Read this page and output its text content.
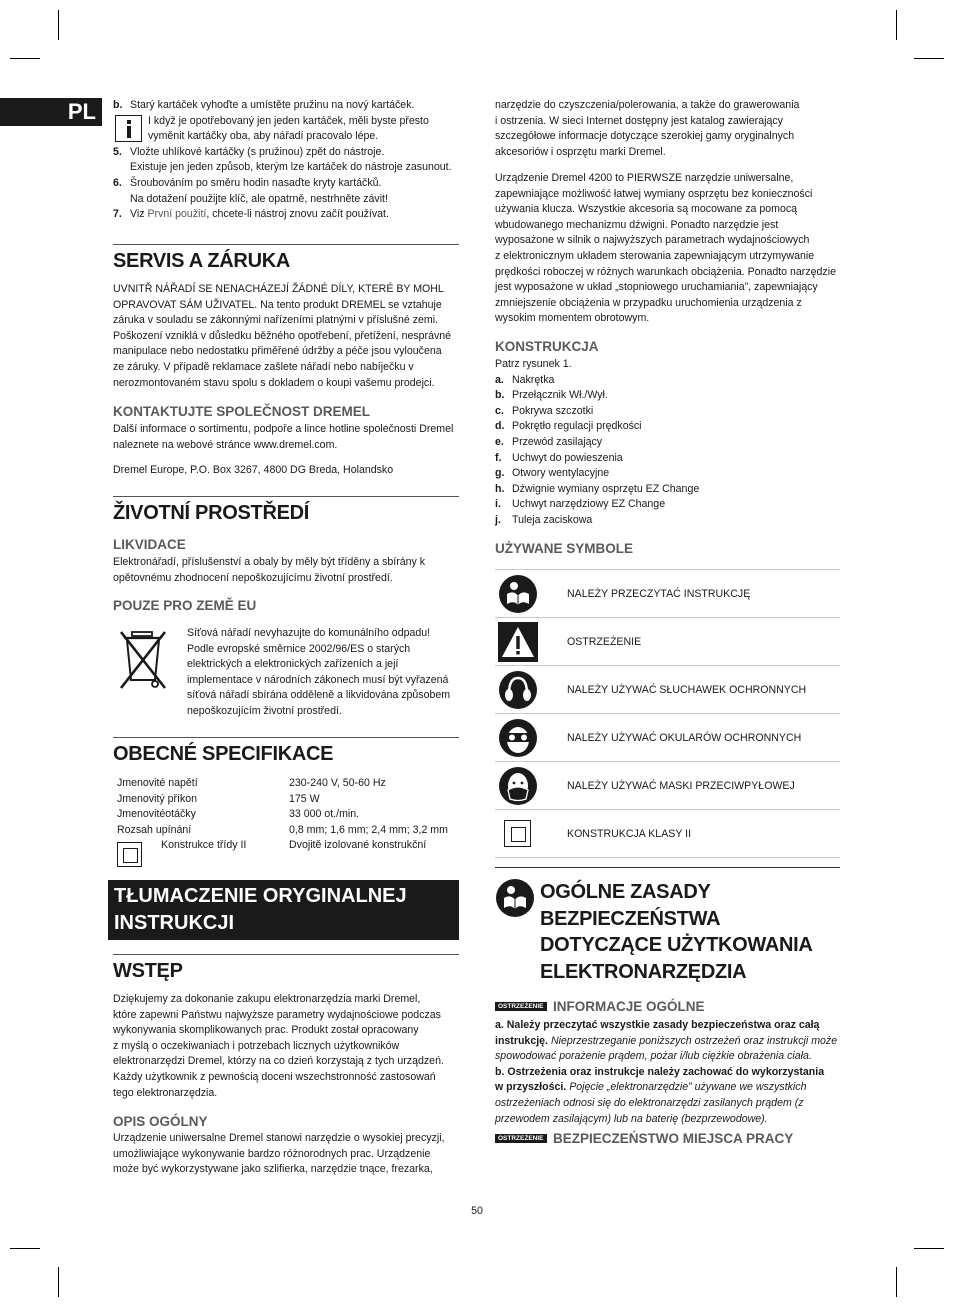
PL	b. Starý kartáček vyhoďte a umístěte pružinu na nový kartáček.

I když je opotřebovaný jen jeden kartáček, měli byste přesto

vyměnit kartáčky oba, aby nářadí pracovalo lépe.

5. Vložte uhlíkové kartáčky (s pružinou) zpět do nástroje.

Existuje jen jeden způsob, kterým lze kartáček do nástroje zasunout.

6. Šroubováním po směru hodin nasaďte kryty kartáčků.

Na dotažení použijte klíč, ale opatrně, nestrhněte závit!

7. Viz První použití, chcete-li nástroj znovu začít používat.

SERVIS A ZÁRUKA

UVNITŘ NÁŘADÍ SE NENACHÁZEJÍ ŽÁDNÉ DÍLY, KTERÉ BY MOHL

OPRAVOVAT SÁM UŽIVATEL. Na tento produkt DREMEL se vztahuje

záruka v souladu se zákonnými nařízeními platnými v příslušné zemi.

Poškození vzniklá v důsledku běžného opotřebení, přetížení, nesprávné

manipulace nebo nedostatku přiměřené údržby a péče jsou vyloučena

ze záruky. V případě reklamace zašlete nářadí nebo nabíječku v

nerozmontovaném stavu spolu s dokladem o koupi vašemu prodejci.

KONTAKTUJTE SPOLEČNOST DREMEL

Další informace o sortimentu, podpoře a lince hotline společnosti Dremel

naleznete na webové stránce www.dremel.com.

Dremel Europe, P.O. Box 3267, 4800 DG Breda, Holandsko
ŽIVOTNÍ PROSTŘEDÍ
LIKVIDACE

Elektronářadí, příslušenství a obaly by měly být tříděny a sbírány k

opětovnému zhodnocení nepoškozujícímu životní prostředí.

POUZE PRO ZEMĚ EU

Síťová nářadí nevyhazujte do komunálního odpadu!

Podle evropské směrnice 2002/96/ES o starých

elektrických a elektronických zařízeních a její

implementace v národních zákonech musí být vyřazená

síťová nářadí sbírána odděleně a likvidována způsobem

nepoškozujícím životní prostředí.

OBECNÉ SPECIFIKACE
Jmenovité napětí	230-240 V, 50-60 Hz
Jmenovitý příkon	175 W
Jmenovitéotáčky	33 000 ot./min.
Rozsah upínání	0,8 mm; 1,6 mm; 2,4 mm; 3,2 mm
Konstrukce třídy II	Dvojitě izolované konstrukční
TŁUMACZENIE ORYGINALNEJ
INSTRUKCJI
WSTĘP

Dziękujemy za dokonanie zakupu elektronarzędzia marki Dremel,

które zapewni Państwu najwyższe parametry wydajnościowe podczas

wykonywania skomplikowanych prac. Produkt został opracowany

z myślą o oczekiwaniach i potrzebach licznych użytkowników

elektronarzędzi Dremel, którzy na co dzień korzystają z tych urządzeń.

Każdy użytkownik z pewnością doceni wszechstronność zastosowań

tego elektronarzędzia.

OPIS OGÓLNY

Urządzenie uniwersalne Dremel stanowi narzędzie o wysokiej precyzji,

umożliwiające wykonywanie bardzo różnorodnych prac. Urządzenie

może być wykorzystywane jako szlifierka, narzędzie tnące, frezarka,

narzędzie do czyszczenia/polerowania, a także do grawerowania

i ostrzenia. W sieci Internet dostępny jest katalog zawierający

szczegółowe informacje dotyczące szerokiej gamy oryginalnych

akcesoriów i osprzętu marki Dremel.

Urządzenie Dremel 4200 to PIERWSZE narzędzie uniwersalne,

zapewniające możliwość łatwej wymiany osprzętu bez konieczności

używania klucza. Wszystkie akcesoria są mocowane za pomocą

wbudowanego mechanizmu dźwigni. Ponadto narzędzie jest

wyposażone w silnik o najwyższych parametrach wydajnościowych

z elektronicznym układem sterowania zapewniającym utrzymywanie

prędkości roboczej w różnych warunkach obciążenia. Ponadto narzędzie

jest wyposażone w układ „stopniowego uruchamiania”, zapewniający

zmniejszenie obciążenia w przypadku uruchomienia urządzenia z

wysokim momentem obrotowym.

KONSTRUKCJA

Patrz rysunek 1.

a. Nakrętka
b. Przełącznik Wł./Wył.
c. Pokrywa szczotki
d. Pokrętło regulacji prędkości
e. Przewód zasilający
f. Uchwyt do powieszenia
g. Otwory wentylacyjne
h. Dźwignie wymiany osprzętu EZ Change
i.	Uchwyt narzędziowy EZ Change
j.	Tuleja zaciskowa
UŻYWANE SYMBOLE
NALEŻY PRZECZYTAĆ INSTRUKCJĘ
OSTRZEŻENIE
NALEŻY UŻYWAĆ SŁUCHAWEK OCHRONNYCH
NALEŻY UŻYWAĆ OKULARÓW OCHRONNYCH
NALEŻY UŻYWAĆ MASKI PRZECIWPYŁOWEJ
KONSTRUKCJA KLASY II
OGÓLNE ZASADY
BEZPIECZEŃSTWA
DOTYCZĄCE UŻYTKOWANIA
ELEKTRONARZĘDZIA
OSTRZEŻENIE INFORMACJE OGÓLNE

a. Należy przeczytać wszystkie zasady bezpieczeństwa oraz całą

instrukcję. Nieprzestrzeganie poniższych ostrzeżeń oraz instrukcji może

spowodować porażenie prądem, pożar i/lub ciężkie obrażenia ciała.

b. Ostrzeżenia oraz instrukcje należy zachować do wykorzystania

w przyszłości. Pojęcie „elektronarzędzie” używane we wszystkich

ostrzeżeniach odnosi się do elektronarzędzi zasilanych prądem (z

przewodem zasilającym) lub na baterię (bezprzewodowe).

OSTRZEŻENIE BEZPIECZEŃSTWO MIEJSCA PRACY
50
